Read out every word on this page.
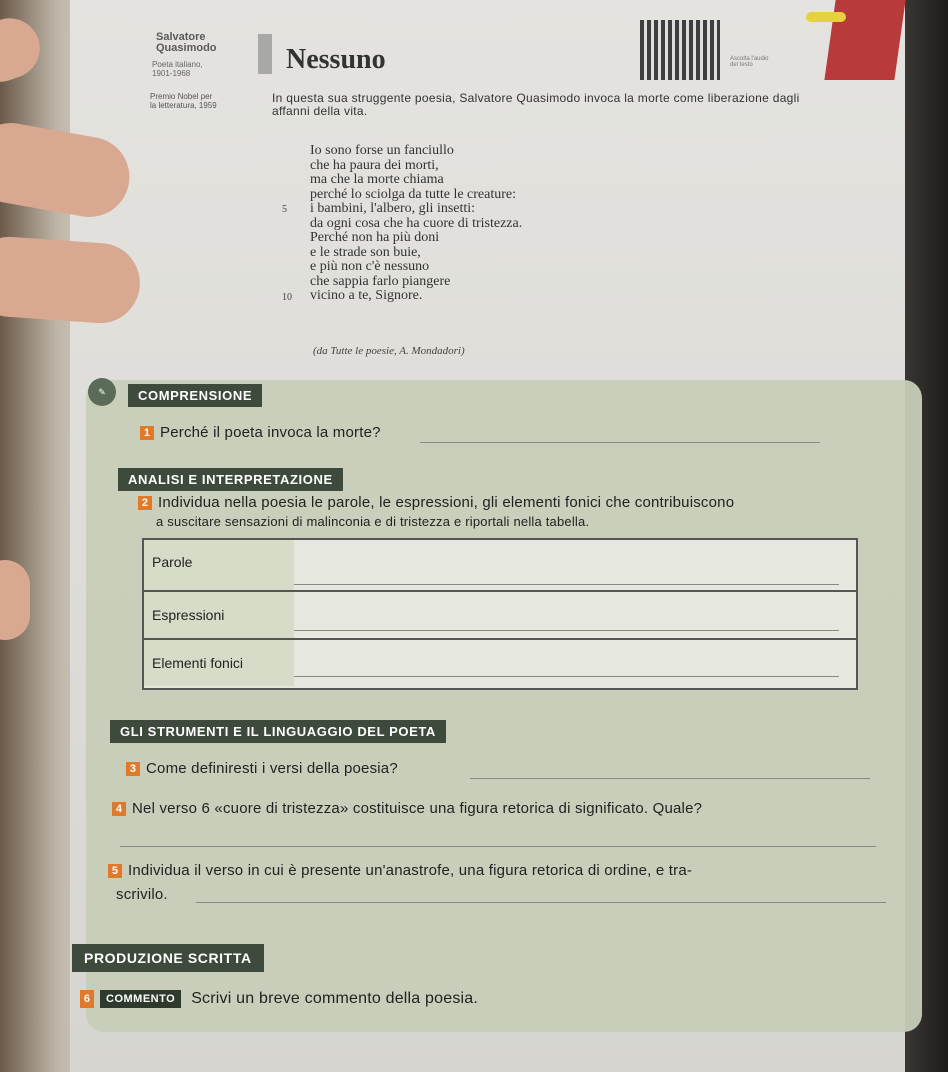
Salvatore
Quasimodo
Poeta italiano,
1901-1968
Premio Nobel per
la letteratura, 1959
Nessuno	Ascolta l'audio del testo
In questa sua struggente poesia, Salvatore Quasimodo invoca la morte come liberazione dagli affanni della vita.
Io sono forse un fanciullo
che ha paura dei morti,
ma che la morte chiama
perché lo sciolga da tutte le creature:
i bambini, l'albero, gli insetti:
da ogni cosa che ha cuore di tristezza.
Perché non ha più doni
e le strade son buie,
e più non c'è nessuno
che sappia farlo piangere
vicino a te, Signore.
5
10
(da Tutte le poesie, A. Mondadori)
✎	COMPRENSIONE
1 Perché il poeta invoca la morte?
ANALISI E INTERPRETAZIONE
2 Individua nella poesia le parole, le espressioni, gli elementi fonici che contribuiscono
a suscitare sensazioni di malinconia e di tristezza e riportali nella tabella.
Parole
Espressioni
Elementi fonici
GLI STRUMENTI E IL LINGUAGGIO DEL POETA
3 Come definiresti i versi della poesia?
4 Nel verso 6 «cuore di tristezza» costituisce una figura retorica di significato. Quale?
5 Individua il verso in cui è presente un'anastrofe, una figura retorica di ordine, e tra-
scrivilo.
PRODUZIONE SCRITTA
6 COMMENTO Scrivi un breve commento della poesia.
